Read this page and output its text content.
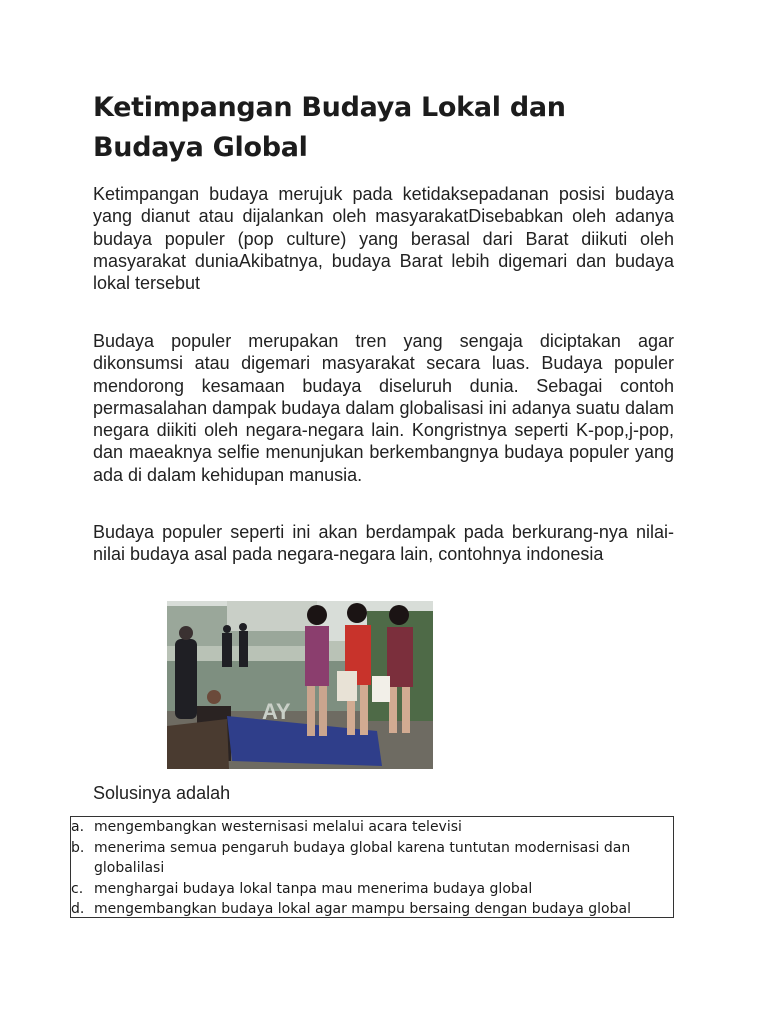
Ketimpangan Budaya Lokal dan Budaya Global

Ketimpangan budaya merujuk pada ketidaksepadanan posisi budaya yang dianut atau dijalankan oleh masyarakatDisebabkan oleh adanya budaya populer (pop culture) yang berasal dari Barat diikuti oleh masyarakat duniaAkibatnya, budaya Barat lebih digemari dan budaya lokal tersebut

Budaya populer merupakan tren yang sengaja diciptakan agar dikonsumsi atau digemari masyarakat secara luas. Budaya populer mendorong kesamaan budaya diseluruh dunia. Sebagai contoh permasalahan dampak budaya dalam globalisasi ini adanya suatu dalam negara diikiti oleh negara-negara lain. Kongristnya seperti K-pop,j-pop, dan maeaknya selfie menunjukan berkembangnya budaya populer yang ada di dalam kehidupan manusia.

Budaya populer seperti ini akan berdampak pada berkurang-nya nilai-nilai budaya asal pada negara-negara lain, contohnya indonesia

AY

Solusinya adalah

a. mengembangkan westernisasi melalui acara televisi
b. menerima semua pengaruh budaya global karena tuntutan modernisasi dan globalilasi
c. menghargai budaya lokal tanpa mau menerima budaya global
d. mengembangkan budaya lokal agar mampu bersaing dengan budaya global
